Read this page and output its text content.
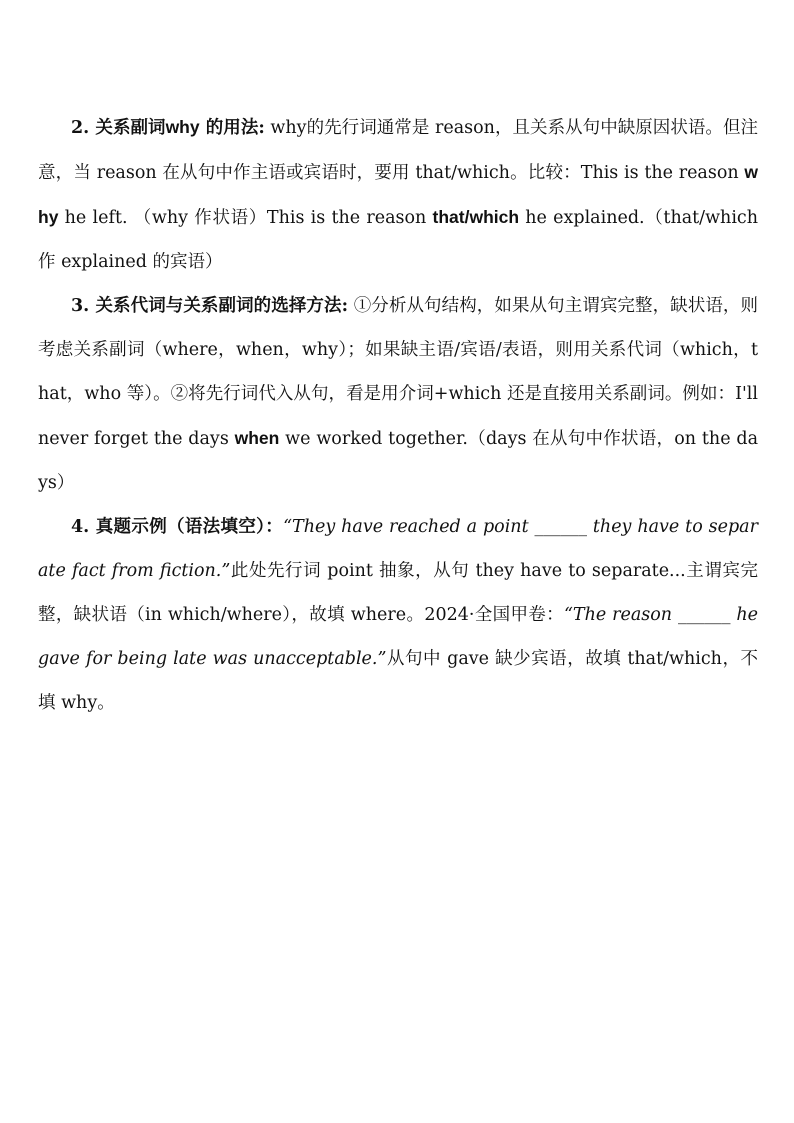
2. 关系副词why 的用法: why的先行词通常是 reason，且关系从句中缺原因状语。但注意，当 reason 在从句中作主语或宾语时，要用 that/which。比较：This is the reason why he left. （why 作状语）This is the reason that/which he explained.（that/which 作 explained 的宾语）

3. 关系代词与关系副词的选择方法: ①分析从句结构，如果从句主谓宾完整，缺状语，则考虑关系副词（where，when，why）；如果缺主语/宾语/表语，则用关系代词（which，that，who 等）。②将先行词代入从句，看是用介词+which 还是直接用关系副词。例如：I'll never forget the days when we worked together.（days 在从句中作状语，on the days）

4. 真题示例（语法填空）：“They have reached a point ______ they have to separate fact from fiction.”此处先行词 point 抽象，从句 they have to separate...主谓宾完整，缺状语（in which/where），故填 where。2024·全国甲卷：“The reason ______ he gave for being late was unacceptable.”从句中 gave 缺少宾语，故填 that/which，不填 why。
